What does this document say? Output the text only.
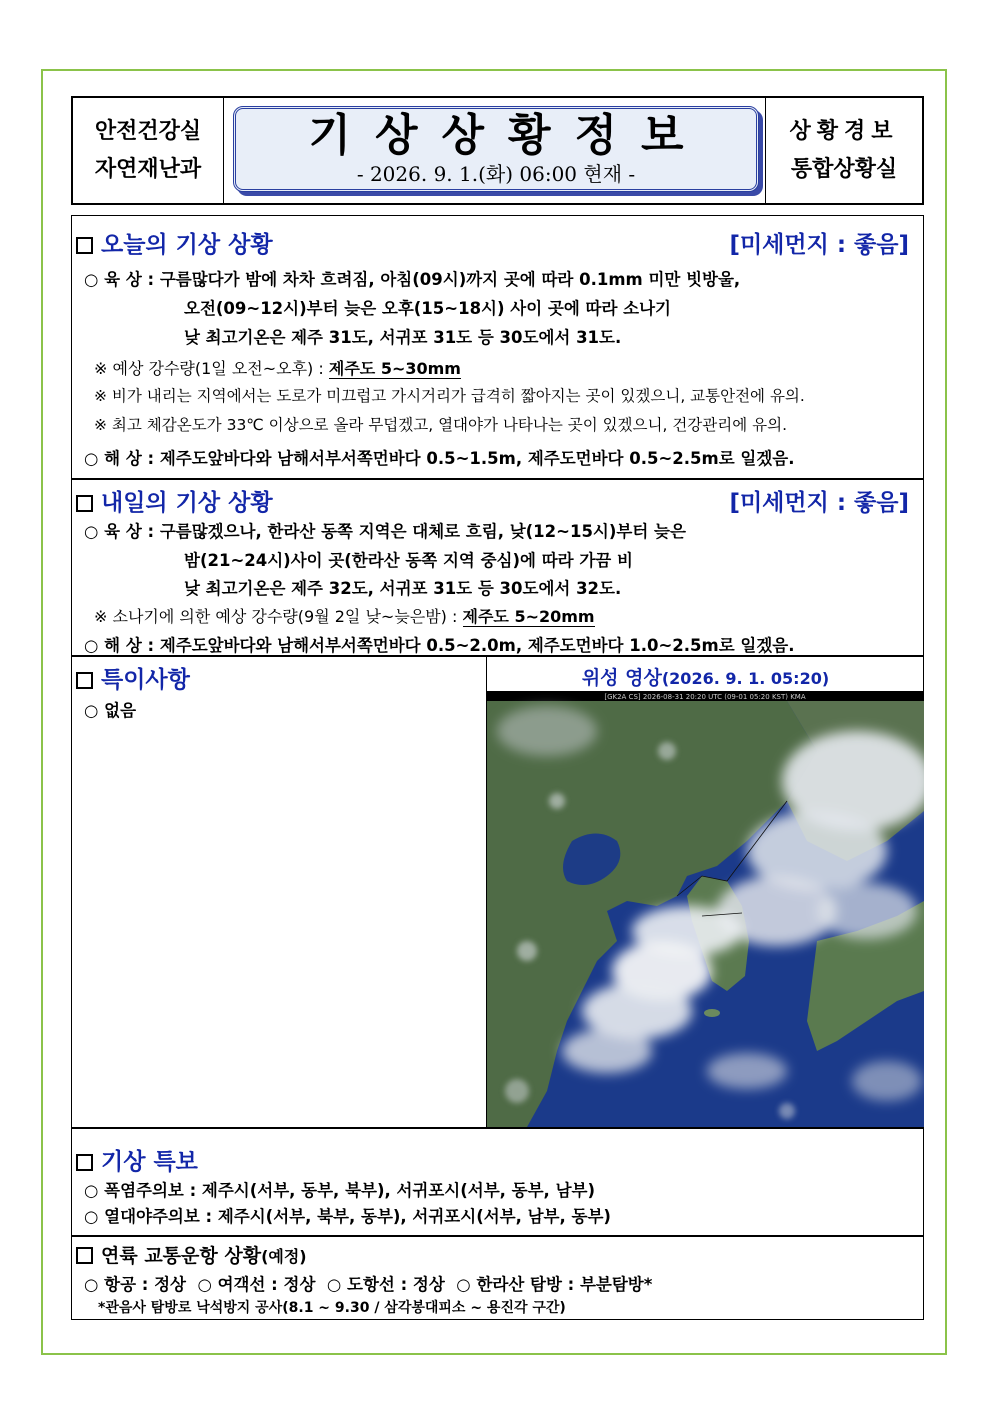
안전건강실
자연재난과
기상상황정보
- 2026. 9. 1.(화) 06:00 현재 -
상황경보
통합상황실
오늘의 기상 상황	[미세먼지 : 좋음]
○ 육 상 : 구름많다가 밤에 차차 흐려짐, 아침(09시)까지 곳에 따라 0.1mm 미만 빗방울,
오전(09~12시)부터 늦은 오후(15~18시) 사이 곳에 따라 소나기
낮 최고기온은 제주 31도, 서귀포 31도 등 30도에서 31도.
※ 예상 강수량(1일 오전~오후) : 제주도 5~30mm
※ 비가 내리는 지역에서는 도로가 미끄럽고 가시거리가 급격히 짧아지는 곳이 있겠으니, 교통안전에 유의.
※ 최고 체감온도가 33℃ 이상으로 올라 무덥겠고, 열대야가 나타나는 곳이 있겠으니, 건강관리에 유의.
○ 해 상 : 제주도앞바다와 남해서부서쪽먼바다 0.5~1.5m, 제주도먼바다 0.5~2.5m로 일겠음.
내일의 기상 상황	[미세먼지 : 좋음]
○ 육 상 : 구름많겠으나, 한라산 동쪽 지역은 대체로 흐림, 낮(12~15시)부터 늦은
밤(21~24시)사이 곳(한라산 동쪽 지역 중심)에 따라 가끔 비
낮 최고기온은 제주 32도, 서귀포 31도 등 30도에서 32도.
※ 소나기에 의한 예상 강수량(9월 2일 낮~늦은밤) : 제주도 5~20mm
○ 해 상 : 제주도앞바다와 남해서부서쪽먼바다 0.5~2.0m, 제주도먼바다 1.0~2.5m로 일겠음.
특이사항
○ 없음
위성 영상(2026. 9. 1. 05:20)
[GK2A CS] 2026-08-31 20:20 UTC (09-01 05:20 KST) KMA
기상 특보
○ 폭염주의보 : 제주시(서부, 동부, 북부), 서귀포시(서부, 동부, 남부)
○ 열대야주의보 : 제주시(서부, 북부, 동부), 서귀포시(서부, 남부, 동부)
연륙 교통운항 상황(예정)
○ 항공 : 정상  ○ 여객선 : 정상  ○ 도항선 : 정상  ○ 한라산 탐방 : 부분탐방*
*관음사 탐방로 낙석방지 공사(8.1 ~ 9.30 / 삼각봉대피소 ~ 용진각 구간)
